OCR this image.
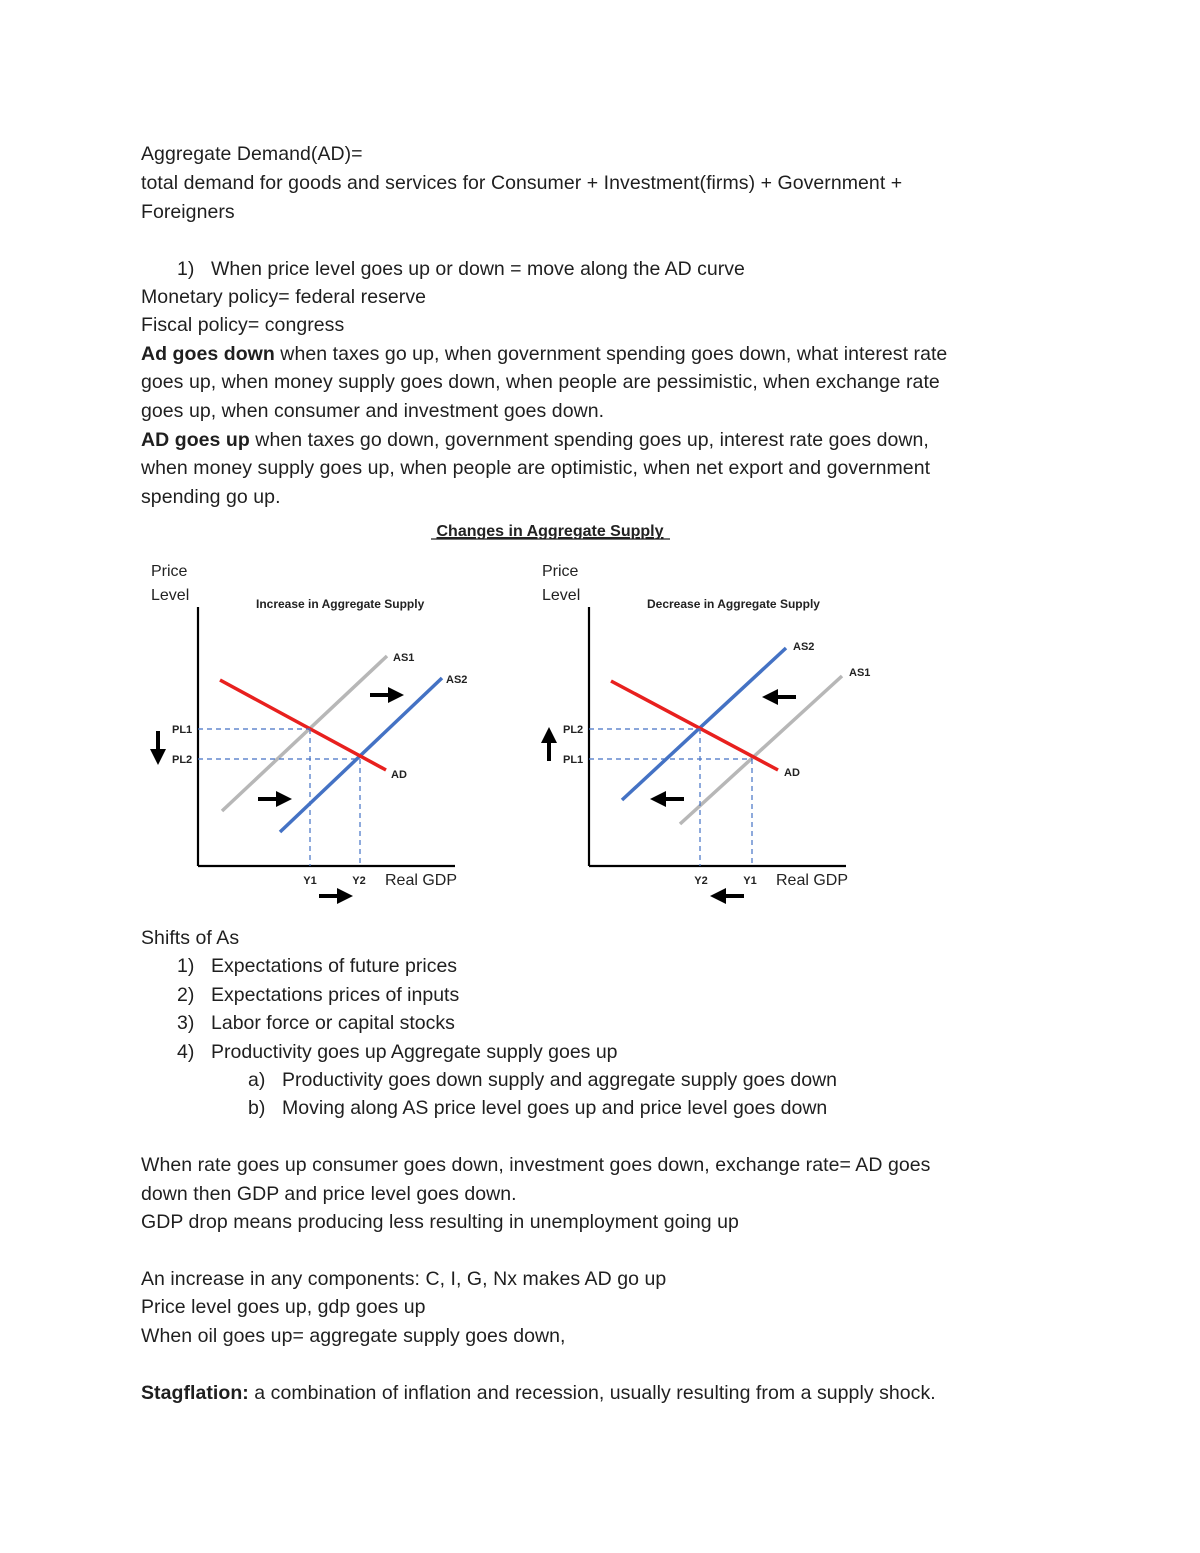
Aggregate Demand(AD)=
total demand for goods and services for Consumer + Investment(firms) + Government +
Foreigners
1) When price level goes up or down = move along the AD curve
Monetary policy= federal reserve
Fiscal policy= congress
Ad goes down when taxes go up, when government spending goes down, what interest rate
goes up, when money supply goes down, when people are pessimistic, when exchange rate
goes up, when consumer and investment goes down.
AD goes up when taxes go down, government spending goes up, interest rate goes down,
when money supply goes up, when people are optimistic, when net export and government
spending go up.
Changes in Aggregate Supply
Price
Level	Increase in Aggregate Supply
AS1
AS2
AD
PL1
PL2
Y1	Y2 Real GDP
Price
Level	Decrease in Aggregate Supply
AS2
AS1
AD
PL2
PL1
Y2	Y1 Real GDP
Shifts of As
1) Expectations of future prices
2) Expectations prices of inputs
3) Labor force or capital stocks
4) Productivity goes up Aggregate supply goes up
a) Productivity goes down supply and aggregate supply goes down
b) Moving along AS price level goes up and price level goes down
When rate goes up consumer goes down, investment goes down, exchange rate= AD goes
down then GDP and price level goes down.
GDP drop means producing less resulting in unemployment going up
An increase in any components: C, I, G, Nx makes AD go up
Price level goes up, gdp goes up
When oil goes up= aggregate supply goes down,
Stagflation: a combination of inflation and recession, usually resulting from a supply shock.
